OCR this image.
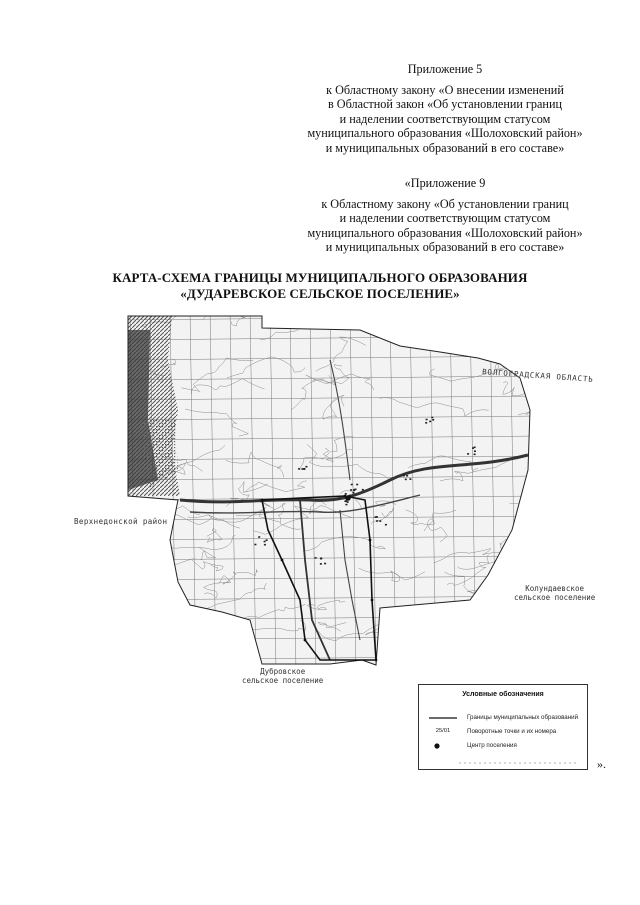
Приложение 5
к Областному закону «О внесении изменений
в Областной закон «Об установлении границ
и наделении соответствующим статусом
муниципального образования «Шолоховский район»
и муниципальных образований в его составе»
«Приложение 9
к Областному закону «Об установлении границ
и наделении соответствующим статусом
муниципального образования «Шолоховский район»
и муниципальных образований в его составе»
КАРТА-СХЕМА ГРАНИЦЫ МУНИЦИПАЛЬНОГО ОБРАЗОВАНИЯ
«ДУДАРЕВСКОЕ СЕЛЬСКОЕ ПОСЕЛЕНИЕ»
ВОЛГОГРАДСКАЯ ОБЛАСТЬ
Верхнедонской район
Колундаевское
сельское поселение
Дубровское
сельское поселение
Условные обозначения
Границы муниципальных образований
25/01	Поворотные точки и их номера
Центр поселения
».
